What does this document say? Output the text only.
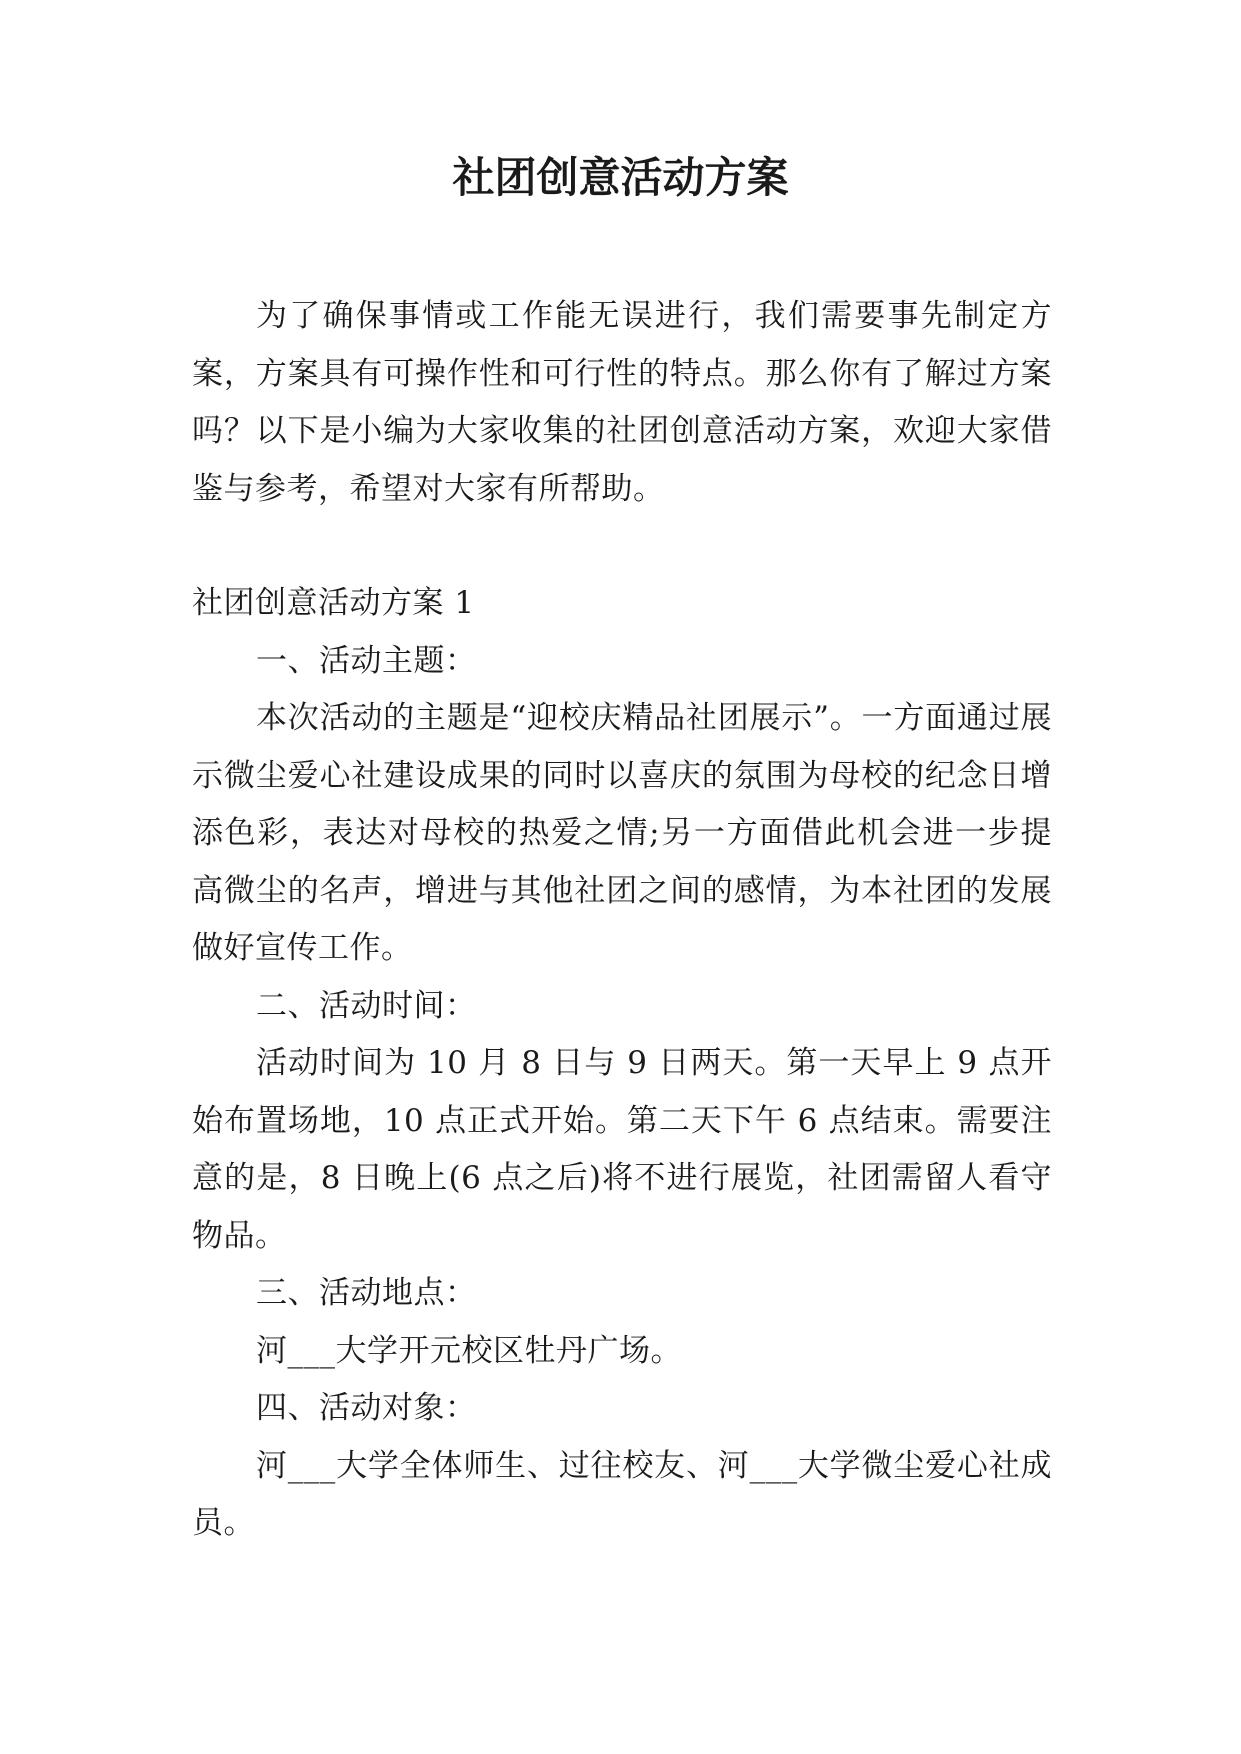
社团创意活动方案

为了确保事情或工作能无误进行，我们需要事先制定方案，方案具有可操作性和可行性的特点。那么你有了解过方案吗？以下是小编为大家收集的社团创意活动方案，欢迎大家借鉴与参考，希望对大家有所帮助。

社团创意活动方案 1

一、活动主题：

本次活动的主题是“迎校庆精品社团展示”。一方面通过展示微尘爱心社建设成果的同时以喜庆的氛围为母校的纪念日增添色彩，表达对母校的热爱之情;另一方面借此机会进一步提高微尘的名声，增进与其他社团之间的感情，为本社团的发展做好宣传工作。

二、活动时间：

活动时间为 10 月 8 日与 9 日两天。第一天早上 9 点开始布置场地，10 点正式开始。第二天下午 6 点结束。需要注意的是，8 日晚上(6 点之后)将不进行展览，社团需留人看守物品。

三、活动地点：

河___大学开元校区牡丹广场。

四、活动对象：

河___大学全体师生、过往校友、河___大学微尘爱心社成员。
